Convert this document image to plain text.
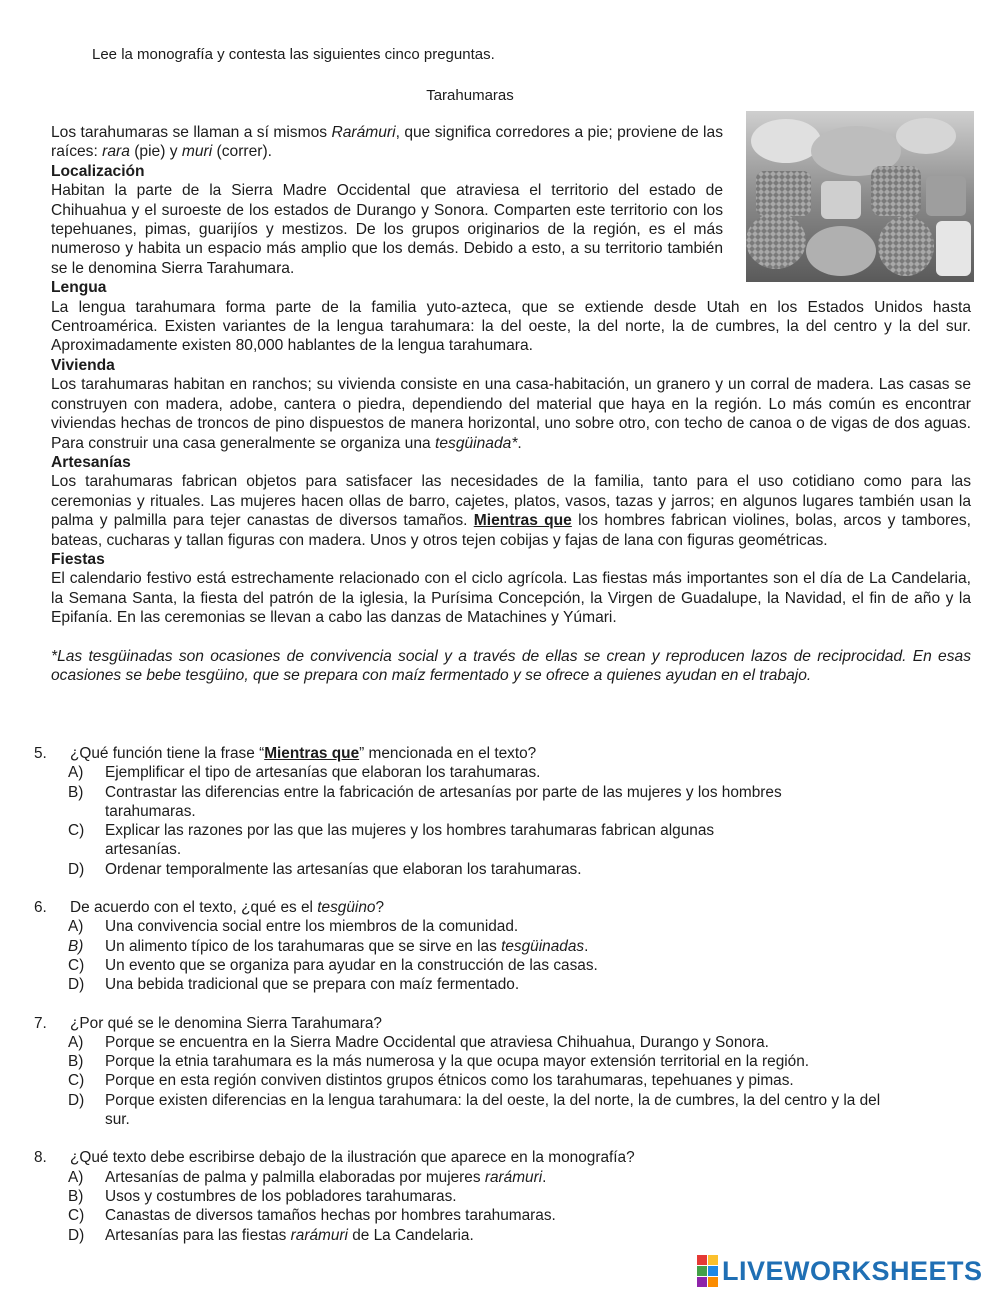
Lee la monografía y contesta las siguientes cinco preguntas.
Tarahumaras

Los tarahumaras se llaman a sí mismos Rarámuri, que significa corredores a pie; proviene de las raíces: rara (pie) y muri (correr).

Localización

Habitan la parte de la Sierra Madre Occidental que atraviesa el territorio del estado de Chihuahua y el suroeste de los estados de Durango y Sonora. Comparten este territorio con los tepehuanes, pimas, guarijíos y mestizos. De los grupos originarios de la región, es el más numeroso y habita un espacio más amplio que los demás. Debido a esto, a su territorio también se le denomina Sierra Tarahumara.

Lengua

La lengua tarahumara forma parte de la familia yuto-azteca, que se extiende desde Utah en los Estados Unidos hasta Centroamérica. Existen variantes de la lengua tarahumara: la del oeste, la del norte, la de cumbres, la del centro y la del sur. Aproximadamente existen 80,000 hablantes de la lengua tarahumara.

Vivienda

Los tarahumaras habitan en ranchos; su vivienda consiste en una casa-habitación, un granero y un corral de madera. Las casas se construyen con madera, adobe, cantera o piedra, dependiendo del material que haya en la región. Lo más común es encontrar viviendas hechas de troncos de pino dispuestos de manera horizontal, uno sobre otro, con techo de canoa o de vigas de dos aguas. Para construir una casa generalmente se organiza una tesgüinada*.

Artesanías

Los tarahumaras fabrican objetos para satisfacer las necesidades de la familia, tanto para el uso cotidiano como para las ceremonias y rituales. Las mujeres hacen ollas de barro, cajetes, platos, vasos, tazas y jarros; en algunos lugares también usan la palma y palmilla para tejer canastas de diversos tamaños. Mientras que los hombres fabrican violines, bolas, arcos y tambores, bateas, cucharas y tallan figuras con madera. Unos y otros tejen cobijas y fajas de lana con figuras geométricas.

Fiestas

El calendario festivo está estrechamente relacionado con el ciclo agrícola. Las fiestas más importantes son el día de La Candelaria, la Semana Santa, la fiesta del patrón de la iglesia, la Purísima Concepción, la Virgen de Guadalupe, la Navidad, el fin de año y la Epifanía. En las ceremonias se llevan a cabo las danzas de Matachines y Yúmari.

*Las tesgüinadas son ocasiones de convivencia social y a través de ellas se crean y reproducen lazos de reciprocidad. En esas ocasiones se bebe tesgüino, que se prepara con maíz fermentado y se ofrece a quienes ayudan en el trabajo.

5.	¿Qué función tiene la frase “Mientras que” mencionada en el texto?
A)	Ejemplificar el tipo de artesanías que elaboran los tarahumaras.
B)	Contrastar las diferencias entre la fabricación de artesanías por parte de las mujeres y los hombres tarahumaras.
C)	Explicar las razones por las que las mujeres y los hombres tarahumaras fabrican algunas artesanías.
D)	Ordenar temporalmente las artesanías que elaboran los tarahumaras.
6.	De acuerdo con el texto, ¿qué es el tesgüino?
A)	Una convivencia social entre los miembros de la comunidad.
B)	Un alimento típico de los tarahumaras que se sirve en las tesgüinadas.
C)	Un evento que se organiza para ayudar en la construcción de las casas.
D)	Una bebida tradicional que se prepara con maíz fermentado.
7.	¿Por qué se le denomina Sierra Tarahumara?
A)	Porque se encuentra en la Sierra Madre Occidental que atraviesa Chihuahua, Durango y Sonora.
B)	Porque la etnia tarahumara es la más numerosa y la que ocupa mayor extensión territorial en la región.
C)	Porque en esta región conviven distintos grupos étnicos como los tarahumaras, tepehuanes y pimas.
D)	Porque existen diferencias en la lengua tarahumara: la del oeste, la del norte, la de cumbres, la del centro y la del sur.
8.	¿Qué texto debe escribirse debajo de la ilustración que aparece en la monografía?
A)	Artesanías de palma y palmilla elaboradas por mujeres rarámuri.
B)	Usos y costumbres de los pobladores tarahumaras.
C)	Canastas de diversos tamaños hechas por hombres tarahumaras.
D)	Artesanías para las fiestas rarámuri de La Candelaria.
LIVEWORKSHEETS
